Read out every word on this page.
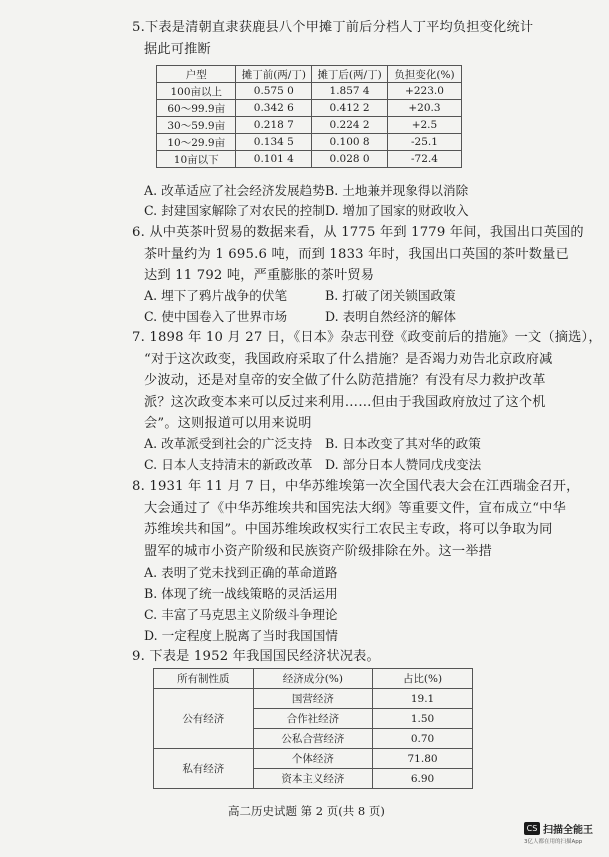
5.下表是清朝直隶获鹿县八个甲摊丁前后分档人丁平均负担变化统计
据此可推断
户型	摊丁前(两/丁)	摊丁后(两/丁)	负担变化(%)
100亩以上	0.575 0	1.857 4	+223.0
60～99.9亩	0.342 6	0.412 2	+20.3
30～59.9亩	0.218 7	0.224 2	+2.5
10～29.9亩	0.134 5	0.100 8	-25.1
10亩以下	0.101 4	0.028 0	-72.4
A. 改革适应了社会经济发展趋势 B. 土地兼并现象得以消除
C. 封建国家解除了对农民的控制 D. 增加了国家的财政收入
6. 从中英茶叶贸易的数据来看，从 1775 年到 1779 年间，我国出口英国的
茶叶量约为 1 695.6 吨，而到 1833 年时，我国出口英国的茶叶数量已
达到 11 792 吨，严重膨胀的茶叶贸易
A. 埋下了鸦片战争的伏笔	B. 打破了闭关锁国政策
C. 使中国卷入了世界市场	D. 表明自然经济的解体
7. 1898 年 10 月 27 日，《日本》杂志刊登《政变前后的措施》一文（摘选），
“对于这次政变，我国政府采取了什么措施？是否竭力劝告北京政府减
少波动，还是对皇帝的安全做了什么防范措施？有没有尽力救护改革
派？这次政变本来可以反过来利用……但由于我国政府放过了这个机
会”。这则报道可以用来说明
A. 改革派受到社会的广泛支持 B. 日本改变了其对华的政策
C. 日本人支持清末的新政改革 D. 部分日本人赞同戊戌变法
8. 1931 年 11 月 7 日，中华苏维埃第一次全国代表大会在江西瑞金召开，
大会通过了《中华苏维埃共和国宪法大纲》等重要文件，宣布成立“中华
苏维埃共和国”。中国苏维埃政权实行工农民主专政，将可以争取为同
盟军的城市小资产阶级和民族资产阶级排除在外。这一举措
A. 表明了党未找到正确的革命道路
B. 体现了统一战线策略的灵活运用
C. 丰富了马克思主义阶级斗争理论
D. 一定程度上脱离了当时我国国情
9. 下表是 1952 年我国国民经济状况表。
所有制性质	经济成分(%)	占比(%)
公有经济	国营经济	19.1
	合作社经济	1.50
	公私合营经济	0.70
私有经济	个体经济	71.80
	资本主义经济	6.90
高二历史试题 第 2 页(共 8 页)
CS 扫描全能王
3亿人都在用的扫描App
